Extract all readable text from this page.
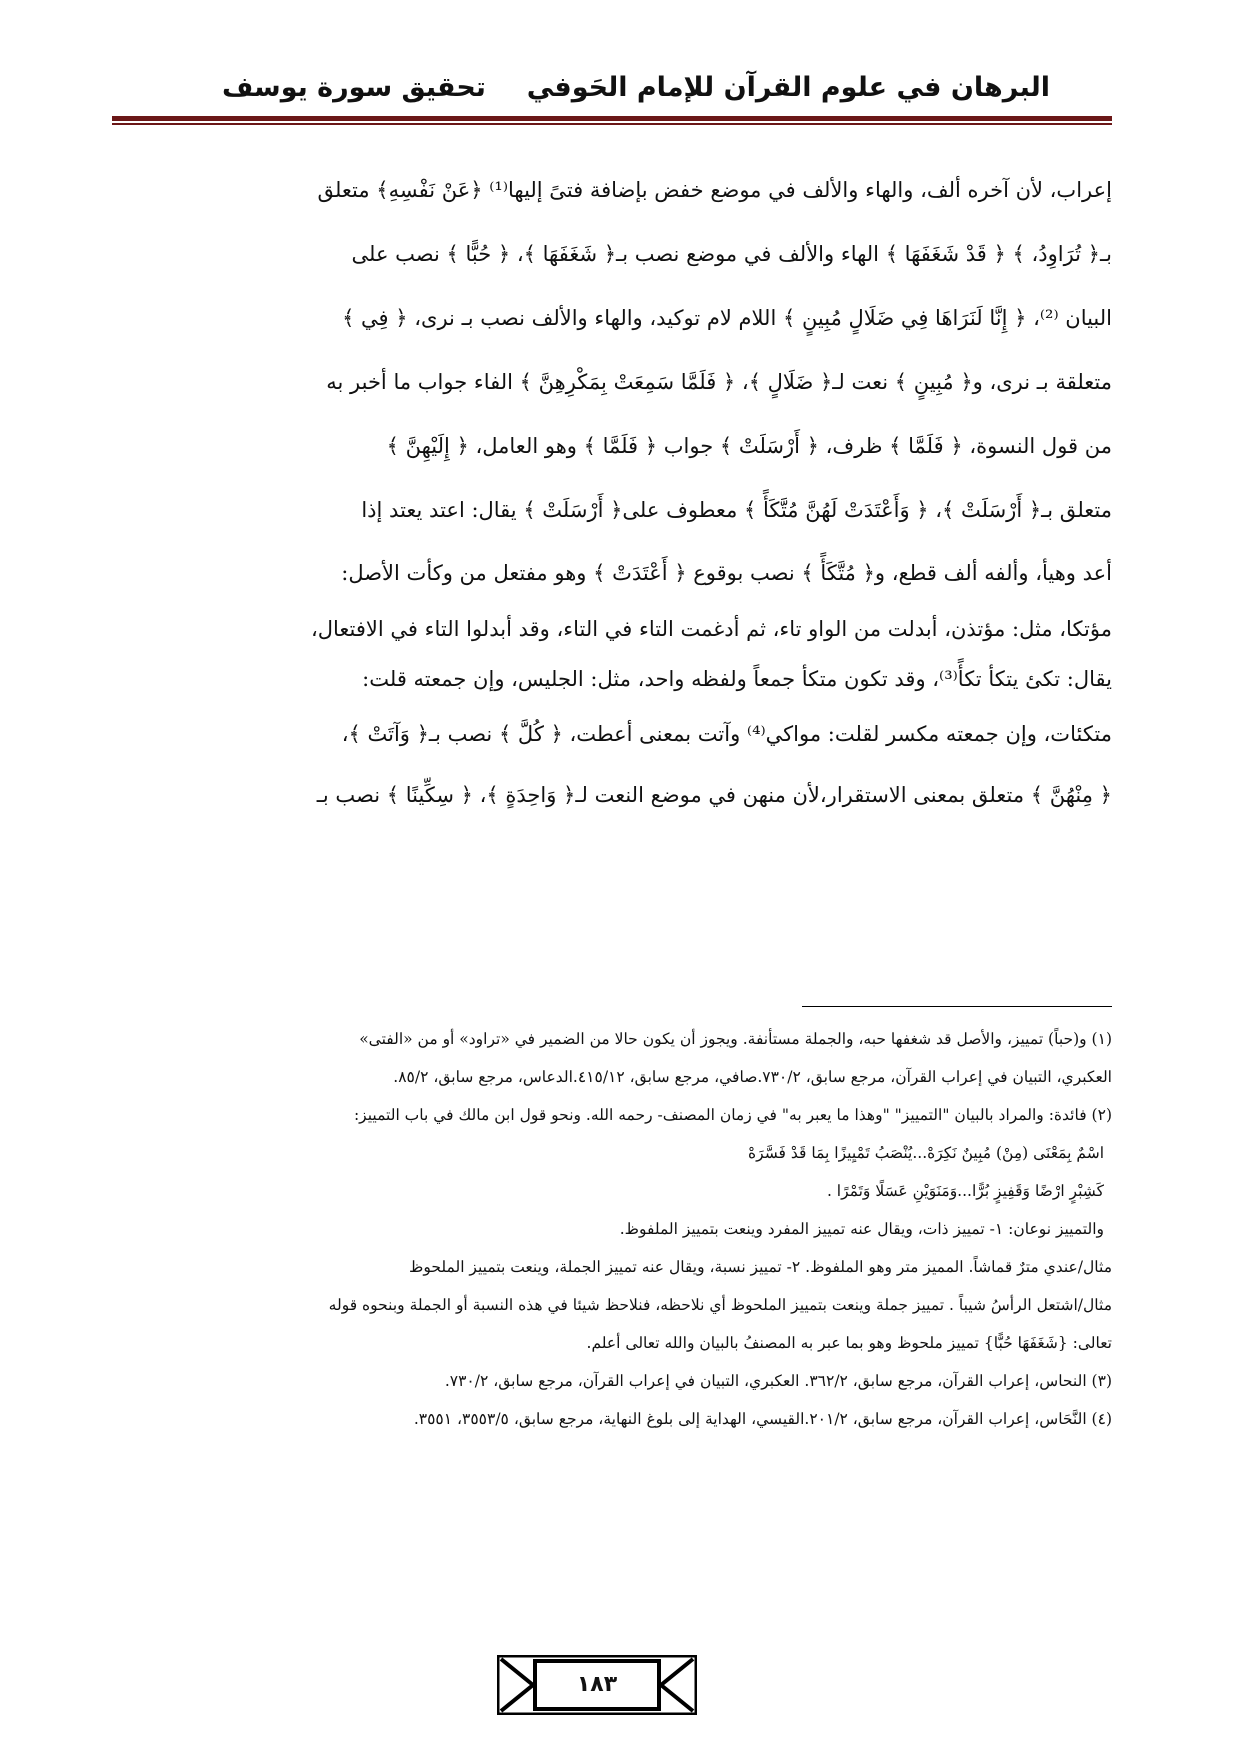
البرهان في علوم القرآن للإمام الحَوفي
تحقيق سورة يوسف
إعراب، لأن آخره ألف، والهاء والألف في موضع خفض بإضافة فتىً إليها⁽¹⁾ ﴿عَنْ نَفْسِهِ﴾ متعلق
بـ﴿ تُرَاوِدُ، ﴾ ﴿ قَدْ شَغَفَهَا ﴾ الهاء والألف في موضع نصب بـ﴿ شَغَفَهَا ﴾، ﴿ حُبًّا ﴾ نصب على
البيان ⁽²⁾، ﴿ إِنَّا لَنَرَاهَا فِي ضَلَالٍ مُبِينٍ ﴾ اللام لام توكيد، والهاء والألف نصب بـ نرى، ﴿ فِي ﴾
متعلقة بـ نرى، و﴿ مُبِينٍ ﴾ نعت لـ﴿ ضَلَالٍ ﴾، ﴿ فَلَمَّا سَمِعَتْ بِمَكْرِهِنَّ ﴾ الفاء جواب ما أخبر به
من قول النسوة، ﴿ فَلَمَّا ﴾ ظرف، ﴿ أَرْسَلَتْ ﴾ جواب ﴿ فَلَمَّا ﴾ وهو العامل، ﴿ إِلَيْهِنَّ ﴾
متعلق بـ﴿ أَرْسَلَتْ ﴾، ﴿ وَأَعْتَدَتْ لَهُنَّ مُتَّكَأً ﴾ معطوف على﴿ أَرْسَلَتْ ﴾ يقال: اعتد يعتد إذا
أعد وهيأ، وألفه ألف قطع، و﴿ مُتَّكَأً ﴾ نصب بوقوع ﴿ أَعْتَدَتْ ﴾ وهو مفتعل من وكأت الأصل:
مؤتكا، مثل: مؤتذن، أبدلت من الواو تاء، ثم أدغمت التاء في التاء، وقد أبدلوا التاء في الافتعال،
يقال: تكئ يتكأ تكأً⁽³⁾، وقد تكون متكأ جمعاً ولفظه واحد، مثل: الجليس، وإن جمعته قلت:
متكئات، وإن جمعته مكسر لقلت: مواكي⁽⁴⁾ وآتت بمعنى أعطت، ﴿ كُلَّ ﴾ نصب بـ﴿ وَآتَتْ ﴾،
﴿ مِنْهُنَّ ﴾ متعلق بمعنى الاستقرار،لأن منهن في موضع النعت لـ﴿ وَاحِدَةٍ ﴾، ﴿ سِكِّينًا ﴾ نصب بـ
(١) و(حباً) تمييز، والأصل قد شغفها حبه، والجملة مستأنفة. ويجوز أن يكون حالا من الضمير في «تراود» أو من «الفتى»
العكبري، التبيان في إعراب القرآن، مرجع سابق، ٧٣٠/٢.صافي، مرجع سابق، ٤١٥/١٢.الدعاس، مرجع سابق، ٨٥/٢.
(٢) فائدة: والمراد بالبيان "التمييز" "وهذا ما يعبر به" في زمان المصنف- رحمه الله. ونحو قول ابن مالك في باب التمييز:
اسْمٌ بِمَعْنَى (مِنْ) مُبِينٌ نَكِرَهْ...يُنْصَبُ تَمْيِيزًا بِمَا قَدْ فَسَّرَهْ
كَشِبْرٍ ارْضًا وَقَفِيزٍ بُرًّا...وَمَنَوَيْنِ عَسَلًا وَتَمْرًا .
والتمييز نوعان: ١- تمييز ذات، ويقال عنه تمييز المفرد وينعت بتمييز الملفوظ.
مثال/عندي مترٌ قماشاً. المميز متر وهو الملفوظ. ٢- تمييز نسبة، ويقال عنه تمييز الجملة، وينعت بتمييز الملحوظ
مثال/اشتعل الرأسُ شيباً . تمييز جملة وينعت بتمييز الملحوظ أي نلاحظه، فنلاحظ شيئا في هذه النسبة أو الجملة وبنحوه قوله
تعالى: {شَغَفَهَا حُبًّا} تمييز ملحوظ وهو بما عبر به المصنفُ بالبيان والله تعالى أعلم.
(٣) النحاس، إعراب القرآن، مرجع سابق، ٣٦٢/٢. العكبري، التبيان في إعراب القرآن، مرجع سابق، ٧٣٠/٢.
(٤) النَّحَاس، إعراب القرآن، مرجع سابق، ٢٠١/٢.القيسي، الهداية إلى بلوغ النهاية، مرجع سابق، ٣٥٥٣/٥، ٣٥٥١.
١٨٣
